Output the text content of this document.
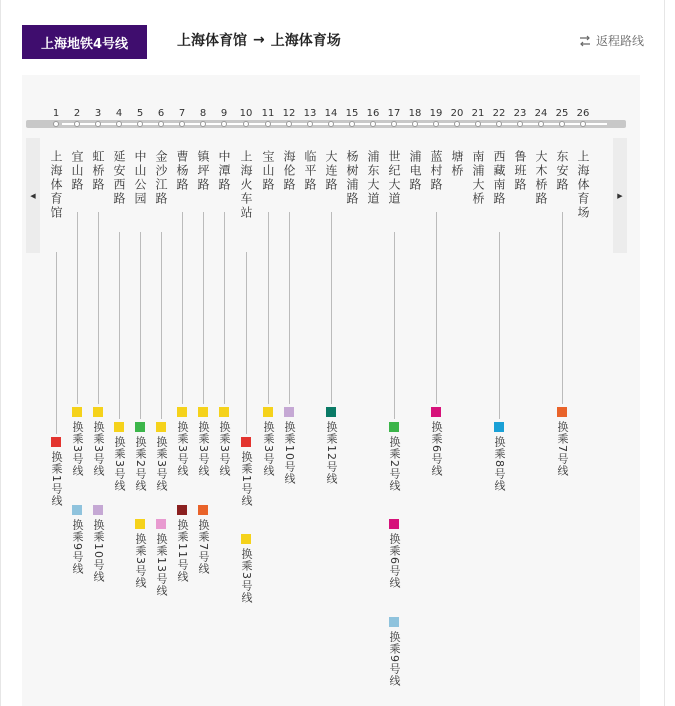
上海地铁4号线	上海体育馆 → 上海体育场	返程路线
1	2	3	4	5	6	7	8	9	10 11 12 13 14 15 16 17 18 19 20 21 22 23 24 25 26
◀	▶
上海体育馆
换乘1号线
宜山路
换乘3号线
换乘9号线
虹桥路
换乘3号线
换乘10号线
延安西路
换乘3号线
中山公园
换乘2号线
换乘3号线
金沙江路
换乘3号线
换乘13号线
曹杨路
换乘3号线
换乘11号线
镇坪路
换乘3号线
换乘7号线
中潭路
换乘3号线
上海火车站
换乘1号线
换乘3号线
宝山路
换乘3号线
海伦路
换乘10号线
临平路 大连路
换乘12号线
杨树浦路 浦东大道 世纪大道
换乘2号线
换乘6号线
换乘9号线
浦电路 蓝村路
换乘6号线
塘桥 南浦大桥 西藏南路
换乘8号线
鲁班路 大木桥路 东安路
换乘7号线
上海体育场
